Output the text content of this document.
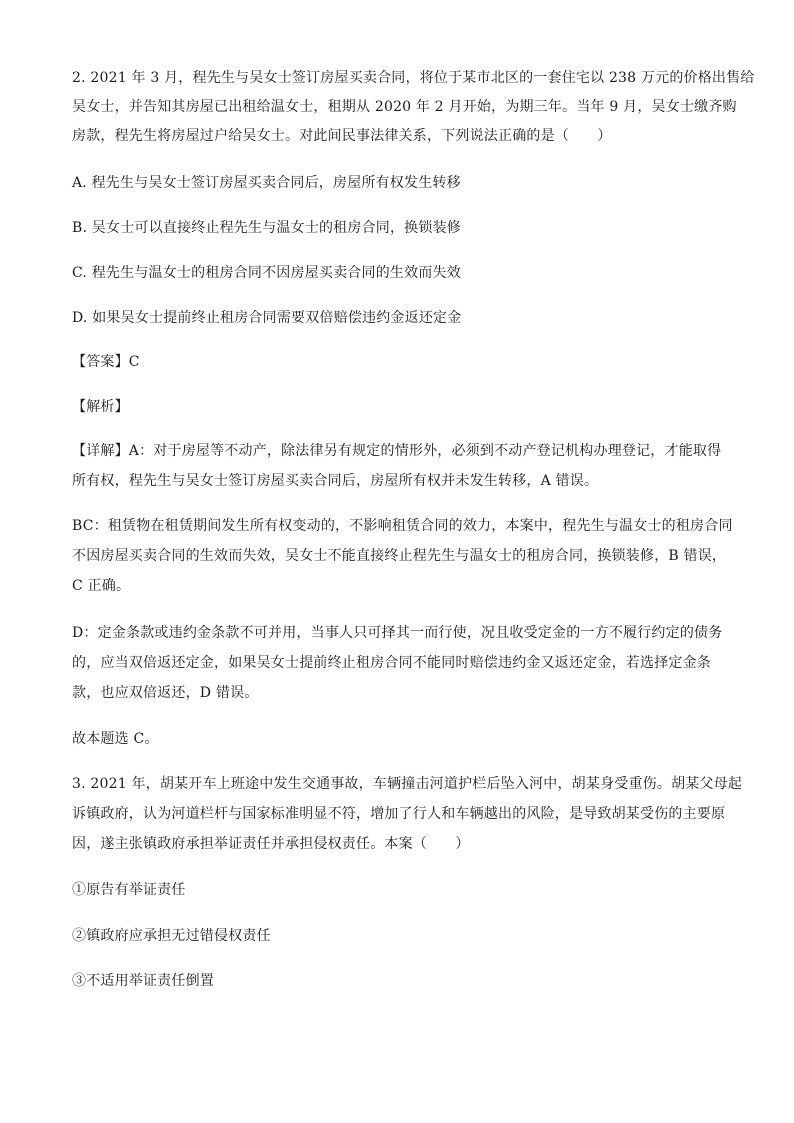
2. 2021 年 3 月，程先生与吴女士签订房屋买卖合同，将位于某市北区的一套住宅以 238 万元的价格出售给
吴女士，并告知其房屋已出租给温女士，租期从 2020 年 2 月开始，为期三年。当年 9 月，吴女士缴齐购
房款，程先生将房屋过户给吴女士。对此间民事法律关系，下列说法正确的是（　　）
A. 程先生与吴女士签订房屋买卖合同后，房屋所有权发生转移
B. 吴女士可以直接终止程先生与温女士的租房合同，换锁装修
C. 程先生与温女士的租房合同不因房屋买卖合同的生效而失效
D. 如果吴女士提前终止租房合同需要双倍赔偿违约金返还定金
【答案】C
【解析】
【详解】A：对于房屋等不动产，除法律另有规定的情形外，必须到不动产登记机构办理登记，才能取得
所有权，程先生与吴女士签订房屋买卖合同后，房屋所有权并未发生转移，A 错误。
BC：租赁物在租赁期间发生所有权变动的，不影响租赁合同的效力，本案中，程先生与温女士的租房合同
不因房屋买卖合同的生效而失效，吴女士不能直接终止程先生与温女士的租房合同，换锁装修，B 错误，
C 正确。
D：定金条款或违约金条款不可并用，当事人只可择其一而行使，况且收受定金的一方不履行约定的债务
的，应当双倍返还定金，如果吴女士提前终止租房合同不能同时赔偿违约金又返还定金，若选择定金条
款，也应双倍返还，D 错误。
故本题选 C。
3. 2021 年，胡某开车上班途中发生交通事故，车辆撞击河道护栏后坠入河中，胡某身受重伤。胡某父母起
诉镇政府，认为河道栏杆与国家标准明显不符，增加了行人和车辆越出的风险，是导致胡某受伤的主要原
因，遂主张镇政府承担举证责任并承担侵权责任。本案（　　）
①原告有举证责任
②镇政府应承担无过错侵权责任
③不适用举证责任倒置
